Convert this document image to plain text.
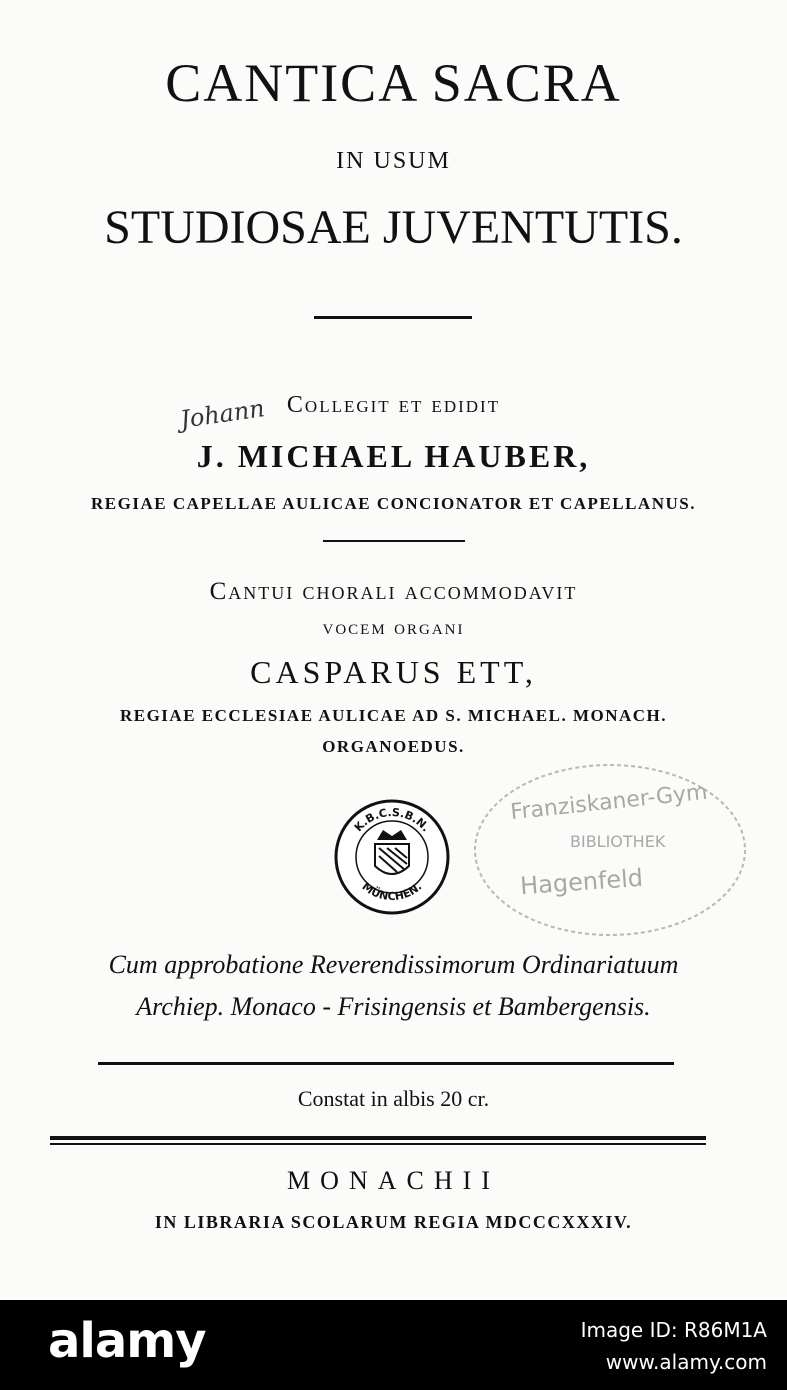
CANTICA SACRA
IN USUM
STUDIOSAE JUVENTUTIS.
Johann Collegit et edidit
J. MICHAEL HAUBER,
REGIAE CAPELLAE AULICAE CONCIONATOR ET CAPELLANUS.
Cantui chorali accommodavit
vocem organi
CASPARUS ETT,
REGIAE ECCLESIAE AULICAE AD S. MICHAEL. MONACH.
ORGANOEDUS.
Franziskaner-Gym
BIBLIOTHEK
Hagenfeld
K.B.C.S.B.N.
MÜNCHEN.
Cum approbatione Reverendissimorum Ordinariatuum
Archiep. Monaco - Frisingensis et Bambergensis.
Constat in albis 20 cr.
MONACHII
IN LIBRARIA SCOLARUM REGIA MDCCCXXXIV.
alamy	Image ID: R86M1A
www.alamy.com
